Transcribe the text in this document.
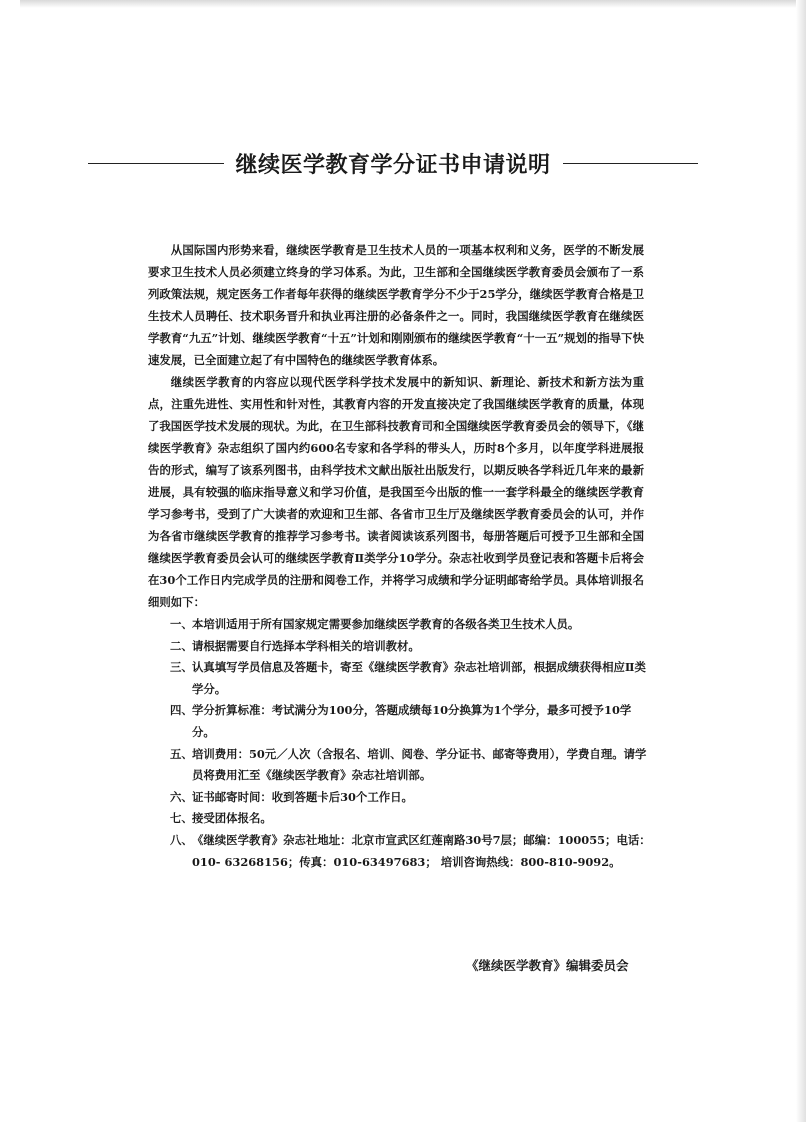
继续医学教育学分证书申请说明

从国际国内形势来看，继续医学教育是卫生技术人员的一项基本权利和义务，医学的不断发展要求卫生技术人员必须建立终身的学习体系。为此，卫生部和全国继续医学教育委员会颁布了一系列政策法规，规定医务工作者每年获得的继续医学教育学分不少于25学分，继续医学教育合格是卫生技术人员聘任、技术职务晋升和执业再注册的必备条件之一。同时，我国继续医学教育在继续医学教育“九五”计划、继续医学教育“十五”计划和刚刚颁布的继续医学教育“十一五”规划的指导下快速发展，已全面建立起了有中国特色的继续医学教育体系。

继续医学教育的内容应以现代医学科学技术发展中的新知识、新理论、新技术和新方法为重点，注重先进性、实用性和针对性，其教育内容的开发直接决定了我国继续医学教育的质量，体现了我国医学技术发展的现状。为此，在卫生部科技教育司和全国继续医学教育委员会的领导下，《继续医学教育》杂志组织了国内约600名专家和各学科的带头人，历时8个多月，以年度学科进展报告的形式，编写了该系列图书，由科学技术文献出版社出版发行，以期反映各学科近几年来的最新进展，具有较强的临床指导意义和学习价值，是我国至今出版的惟一一套学科最全的继续医学教育学习参考书，受到了广大读者的欢迎和卫生部、各省市卫生厅及继续医学教育委员会的认可，并作为各省市继续医学教育的推荐学习参考书。读者阅读该系列图书，每册答题后可授予卫生部和全国继续医学教育委员会认可的继续医学教育Ⅱ类学分10学分。杂志社收到学员登记表和答题卡后将会在30个工作日内完成学员的注册和阅卷工作，并将学习成绩和学分证明邮寄给学员。具体培训报名细则如下：

一、 本培训适用于所有国家规定需要参加继续医学教育的各级各类卫生技术人员。
二、 请根据需要自行选择本学科相关的培训教材。
三、 认真填写学员信息及答题卡，寄至《继续医学教育》杂志社培训部，根据成绩获得相应Ⅱ类学分。
四、 学分折算标准：考试满分为100分，答题成绩每10分换算为1个学分，最多可授予10学分。
五、 培训费用：50元／人次（含报名、培训、阅卷、学分证书、邮寄等费用），学费自理。请学员将费用汇至《继续医学教育》杂志社培训部。
六、 证书邮寄时间：收到答题卡后30个工作日。
七、 接受团体报名。
八、 《继续医学教育》杂志社地址：北京市宣武区红莲南路30号7层；邮编：100055；电话：010- 63268156；传真：010-63497683； 培训咨询热线：800-810-9092。
《继续医学教育》编辑委员会
